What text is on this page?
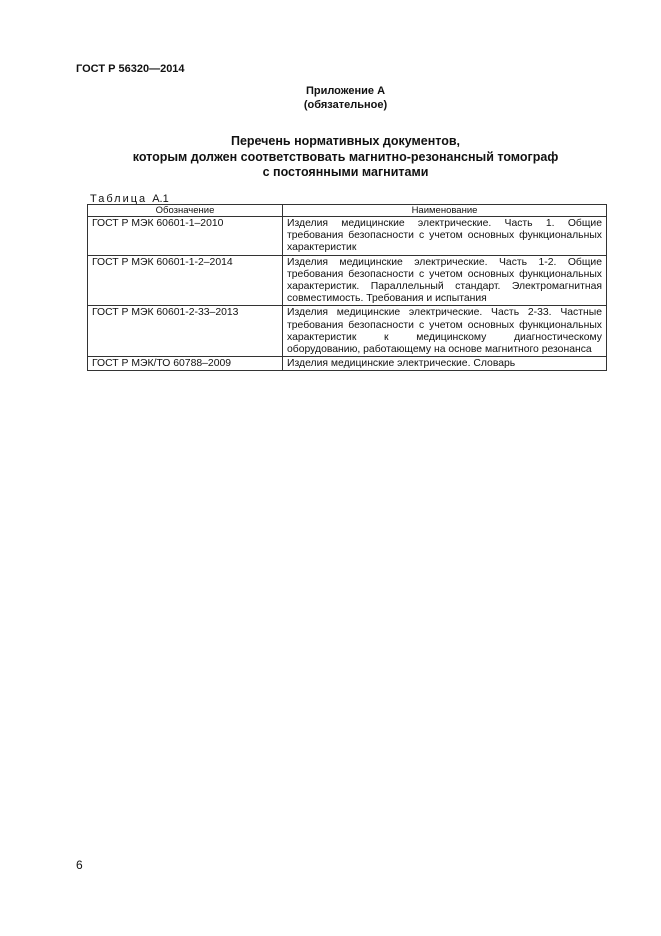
ГОСТ Р 56320—2014
Приложение А
(обязательное)
Перечень нормативных документов,
которым должен соответствовать магнитно-резонансный томограф
с постоянными магнитами
Таблица А.1
Обозначение	Наименование
ГОСТ Р МЭК 60601-1–2010	Изделия медицинские электрические. Часть 1. Общие требования безопасности с учетом основных функциональных характеристик
ГОСТ Р МЭК 60601-1-2–2014	Изделия медицинские электрические. Часть 1-2. Общие требования безопасности с учетом основных функциональных характеристик. Параллельный стандарт. Электромагнитная совместимость. Требования и испытания
ГОСТ Р МЭК 60601-2-33–2013	Изделия медицинские электрические. Часть 2-33. Частные требования безопасности с учетом основных функциональных характеристик к медицинскому диагностическому оборудованию, работающему на основе магнитного резонанса
ГОСТ Р МЭК/ТО 60788–2009	Изделия медицинские электрические. Словарь
6
